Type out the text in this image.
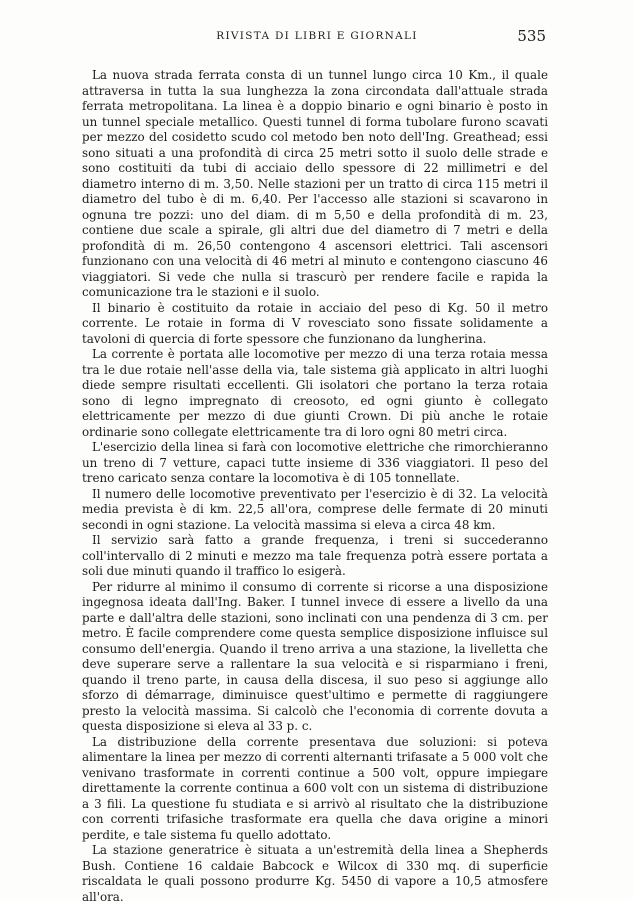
RIVISTA DI LIBRI E GIORNALI	535

La nuova strada ferrata consta di un tunnel lungo circa 10 Km., il quale attraversa in tutta la sua lunghezza la zona circondata dall'attuale strada ferrata metropolitana. La linea è a doppio binario e ogni binario è posto in un tunnel speciale metallico. Questi tunnel di forma tubolare furono scavati per mezzo del cosidetto scudo col metodo ben noto dell'Ing. Greathead; essi sono situati a una profondità di circa 25 metri sotto il suolo delle strade e sono costituiti da tubi di acciaio dello spessore di 22 millimetri e del diametro interno di m. 3,50. Nelle stazioni per un tratto di circa 115 metri il diametro del tubo è di m. 6,40. Per l'accesso alle stazioni si scavarono in ognuna tre pozzi: uno del diam. di m 5,50 e della profondità di m. 23, contiene due scale a spirale, gli altri due del diametro di 7 metri e della profondità di m. 26,50 contengono 4 ascensori elettrici. Tali ascensori funzionano con una velocità di 46 metri al minuto e contengono ciascuno 46 viaggiatori. Si vede che nulla si trascurò per rendere facile e rapida la comunicazione tra le stazioni e il suolo.

Il binario è costituito da rotaie in acciaio del peso di Kg. 50 il metro corrente. Le rotaie in forma di V rovesciato sono fissate solidamente a tavoloni di quercia di forte spessore che funzionano da lungherina.

La corrente è portata alle locomotive per mezzo di una terza rotaia messa tra le due rotaie nell'asse della via, tale sistema già applicato in altri luoghi diede sempre risultati eccellenti. Gli isolatori che portano la terza rotaia sono di legno impregnato di creosoto, ed ogni giunto è collegato elettricamente per mezzo di due giunti Crown. Di più anche le rotaie ordinarie sono collegate elettricamente tra di loro ogni 80 metri circa.

L'esercizio della linea si farà con locomotive elettriche che rimorchieranno un treno di 7 vetture, capaci tutte insieme di 336 viaggiatori. Il peso del treno caricato senza contare la locomotiva è di 105 tonnellate.

Il numero delle locomotive preventivato per l'esercizio è di 32. La velocità media prevista è di km. 22,5 all'ora, comprese delle fermate di 20 minuti secondi in ogni stazione. La velocità massima si eleva a circa 48 km.

Il servizio sarà fatto a grande frequenza, i treni si succederanno coll'intervallo di 2 minuti e mezzo ma tale frequenza potrà essere portata a soli due minuti quando il traffico lo esigerà.

Per ridurre al minimo il consumo di corrente si ricorse a una disposizione ingegnosa ideata dall'Ing. Baker. I tunnel invece di essere a livello da una parte e dall'altra delle stazioni, sono inclinati con una pendenza di 3 cm. per metro. È facile comprendere come questa semplice disposizione influisce sul consumo dell'energia. Quando il treno arriva a una stazione, la livelletta che deve superare serve a rallentare la sua velocità e si risparmiano i freni, quando il treno parte, in causa della discesa, il suo peso si aggiunge allo sforzo di démarrage, diminuisce quest'ultimo e permette di raggiungere presto la velocità massima. Si calcolò che l'economia di corrente dovuta a questa disposizione si eleva al 33 p. c.

La distribuzione della corrente presentava due soluzioni: si poteva alimentare la linea per mezzo di correnti alternanti trifasate a 5 000 volt che venivano trasformate in correnti continue a 500 volt, oppure impiegare direttamente la corrente continua a 600 volt con un sistema di distribuzione a 3 fili. La questione fu studiata e si arrivò al risultato che la distribuzione con correnti trifasiche trasformate era quella che dava origine a minori perdite, e tale sistema fu quello adottato.

La stazione generatrice è situata a un'estremità della linea a Shepherds Bush. Contiene 16 caldaie Babcock e Wilcox di 330 mq. di superficie riscaldata le quali possono produrre Kg. 5450 di vapore a 10,5 atmosfere all'ora.
